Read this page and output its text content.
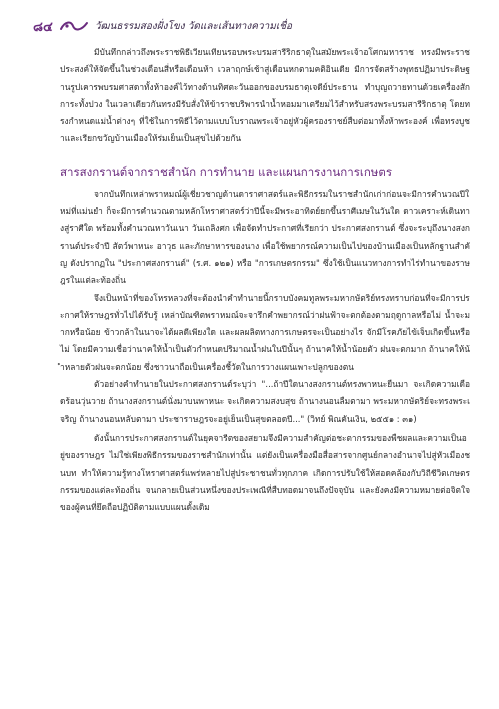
๘๔	วัฒนธรรมสองฝั่งโขง วัดและเส้นทางความเชื่อ

มีบันทึกกล่าวถึงพระราชพิธีเวียนเทียนรอบพระบรมสารีริกธาตุในสมัยพระเจ้าอโศกมหาราช ทรงมีพระราชประสงค์ให้จัดขึ้นในช่วงเดือนสี่หรือเดือนห้า เวลาฤกษ์เช้าสู่เดือนหกตามคติอินเดีย มีการจัดสร้างพุทธปฏิมาประดิษฐานรูปเคารพบรมศาสดาทั้งห้าองค์ไว้ทางด้านทิศตะวันออกของบรมธาตุเจดีย์ประธาน ทำบุญถวายทานด้วยเครื่องสักการะทั้งปวง ในเวลาเดียวกันทรงมีรับสั่งให้ข้าราชบริพารนำน้ำหอมมาเตรียมไว้สำหรับสรงพระบรมสารีริกธาตุ โดยทรงกำหนดแม่น้ำต่างๆ ที่ใช้ในการพิธีไว้ตามแบบโบราณพระเจ้าอยู่หัวผู้ครองราชย์สืบต่อมาทั้งห้าพระองค์ เพื่อทรงบูชาและเรียกขวัญบ้านเมืองให้ร่มเย็นเป็นสุขไปด้วยกัน

สารสงกรานต์จากราชสำนัก การทำนาย และแผนการงานการเกษตร

จากบันทึกเหล่าพราหมณ์ผู้เชี่ยวชาญด้านดาราศาสตร์และพิธีกรรมในราชสำนักเก่าก่อนจะมีการคำนวณปีใหม่ที่แม่นยำ ก็จะมีการคำนวณตามหลักโหราศาสตร์ว่าปีนี้จะมีพระอาทิตย์ยกขึ้นราศีเมษในวันใด ดาวเคราะห์เดินทางสู่ราศีใด พร้อมทั้งคำนวณหาวันเนา วันเถลิงศก เพื่อจัดทำประกาศที่เรียกว่า ประกาศสงกรานต์ ซึ่งจะระบุถึงนางสงกรานต์ประจำปี สัตว์พาหนะ อาวุธ และภักษาหารของนาง เพื่อใช้พยากรณ์ความเป็นไปของบ้านเมืองเป็นหลักฐานสำคัญ ดังปรากฏใน "ประกาศสงกรานต์" (ร.ศ. ๑๒๑) หรือ "การเกษตรกรรม" ซึ่งใช้เป็นแนวทางการทำไร่ทำนาของราษฎรในแต่ละท้องถิ่น

จึงเป็นหน้าที่ของโหรหลวงที่จะต้องนำคำทำนายนี้กราบบังคมทูลพระมหากษัตริย์ทรงทราบก่อนที่จะมีการประกาศให้ราษฎรทั่วไปได้รับรู้ เหล่าบัณฑิตพราหมณ์จะจารึกคำพยากรณ์ว่าฝนฟ้าจะตกต้องตามฤดูกาลหรือไม่ น้ำจะมากหรือน้อย ข้าวกล้าในนาจะได้ผลดีเพียงใด และผลผลิตทางการเกษตรจะเป็นอย่างไร จักมีโรคภัยไข้เจ็บเกิดขึ้นหรือไม่ โดยมีความเชื่อว่านาคให้น้ำเป็นตัวกำหนดปริมาณน้ำฝนในปีนั้นๆ ถ้านาคให้น้ำน้อยตัว ฝนจะตกมาก ถ้านาคให้น้ำหลายตัวฝนจะตกน้อย ซึ่งชาวนาถือเป็นเครื่องชี้วัดในการวางแผนเพาะปลูกของตน

ตัวอย่างคำทำนายในประกาศสงกรานต์ระบุว่า "...ถ้าปีใดนางสงกรานต์ทรงพาหนะยืนมา จะเกิดความเดือดร้อนวุ่นวาย ถ้านางสงกรานต์นั่งมาบนพาหนะ จะเกิดความสงบสุข ถ้านางนอนลืมตามา พระมหากษัตริย์จะทรงพระเจริญ ถ้านางนอนหลับตามา ประชาราษฎรจะอยู่เย็นเป็นสุขตลอดปี..." (วิทย์ พิณคันเงิน, ๒๕๕๑ : ๓๑)

ดังนั้นการประกาศสงกรานต์ในยุคจารีตของสยามจึงมีความสำคัญต่อชะตากรรมของพืชผลและความเป็นอยู่ของราษฎร ไม่ใช่เพียงพิธีกรรมของราชสำนักเท่านั้น แต่ยังเป็นเครื่องมือสื่อสารจากศูนย์กลางอำนาจไปสู่หัวเมืองชนบท ทำให้ความรู้ทางโหราศาสตร์แพร่หลายไปสู่ประชาชนทั่วทุกภาค เกิดการปรับใช้ให้สอดคล้องกับวิถีชีวิตเกษตรกรรมของแต่ละท้องถิ่น จนกลายเป็นส่วนหนึ่งของประเพณีที่สืบทอดมาจนถึงปัจจุบัน และยังคงมีความหมายต่อจิตใจของผู้คนที่ยึดถือปฏิบัติตามแบบแผนดั้งเดิม
